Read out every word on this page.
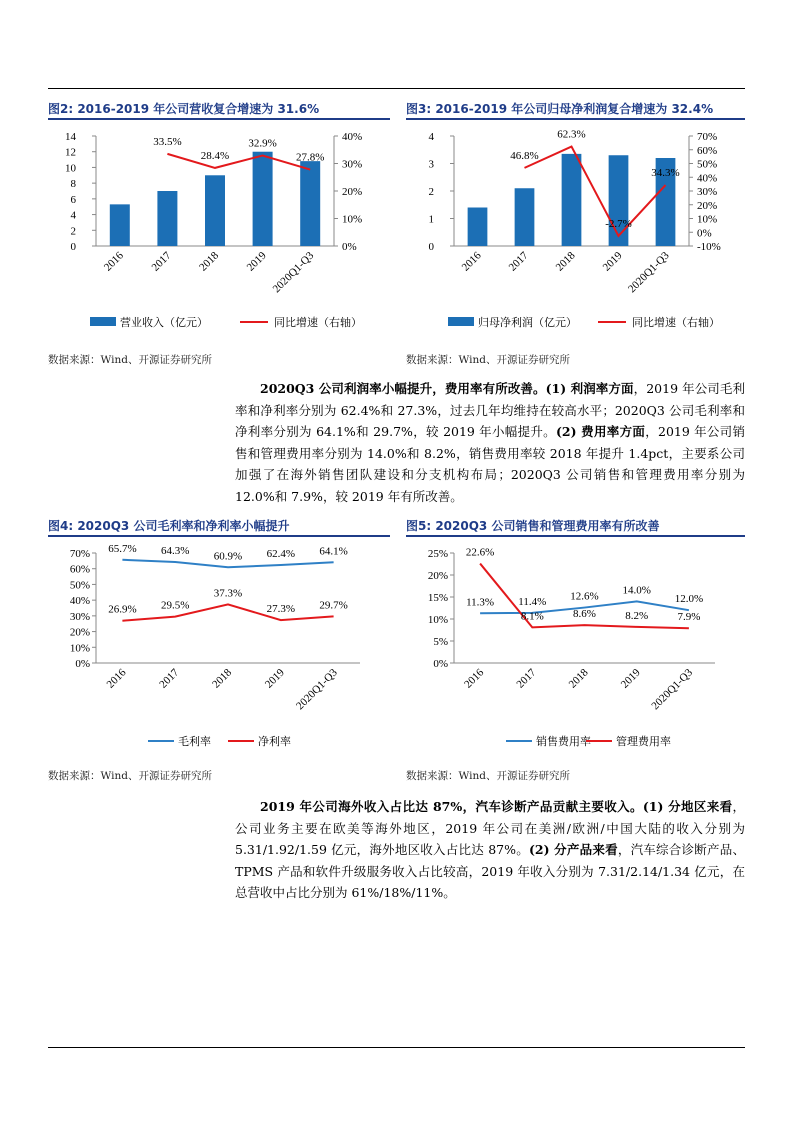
图2: 2016-2019 年公司营收复合增速为 31.6%	图3: 2016-2019 年公司归母净利润复合增速为 32.4%
0
2
4
6
8
10
12
14
0%
10%
20%
30%
40%
33.5%
28.4%
32.9%
27.8%
营业收入（亿元）	同比增速（右轴）
2016 2017 2018 2019 2020Q1-Q3
0
1
2
3
4
-10%
0%
10%
20%
30%
40%
50%
60%
70%
46.8%
62.3%
-2.7%
34.3%
归母净利润（亿元）	同比增速（右轴）
2016 2017 2018 2019 2020Q1-Q3
数据来源：Wind、开源证券研究所	数据来源：Wind、开源证券研究所

2020Q3 公司利润率小幅提升，费用率有所改善。(1) 利润率方面，2019 年公司毛利率和净利率分别为 62.4%和 27.3%，过去几年均维持在较高水平；2020Q3 公司毛利率和净利率分别为 64.1%和 29.7%，较 2019 年小幅提升。(2) 费用率方面，2019 年公司销售和管理费用率分别为 14.0%和 8.2%，销售费用率较 2018 年提升 1.4pct，主要系公司加强了在海外销售团队建设和分支机构布局；2020Q3 公司销售和管理费用率分别为 12.0%和 7.9%，较 2019 年有所改善。

图4: 2020Q3 公司毛利率和净利率小幅提升	图5: 2020Q3 公司销售和管理费用率有所改善
0%
10%
20%
30%
40%
50%
60%
70% 65.7% 64.3% 60.9% 62.4% 64.1%
26.9% 29.5%
37.3%
27.3% 29.7%
毛利率	净利率
2016	2017	2018	2019 2020Q1-Q3
0%
5%
10%
15%
20%
25%
11.3% 11.4% 12.6%
14.0%
12.0%
22.6%
8.1%	8.6%	8.2%	7.9%
销售费用率 管理费用率
2016	2017	2018	2019 2020Q1-Q3
数据来源：Wind、开源证券研究所	数据来源：Wind、开源证券研究所

2019 年公司海外收入占比达 87%，汽车诊断产品贡献主要收入。(1) 分地区来看，公司业务主要在欧美等海外地区，2019 年公司在美洲/欧洲/中国大陆的收入分别为 5.31/1.92/1.59 亿元，海外地区收入占比达 87%。(2) 分产品来看，汽车综合诊断产品、TPMS 产品和软件升级服务收入占比较高，2019 年收入分别为 7.31/2.14/1.34 亿元，在总营收中占比分别为 61%/18%/11%。
